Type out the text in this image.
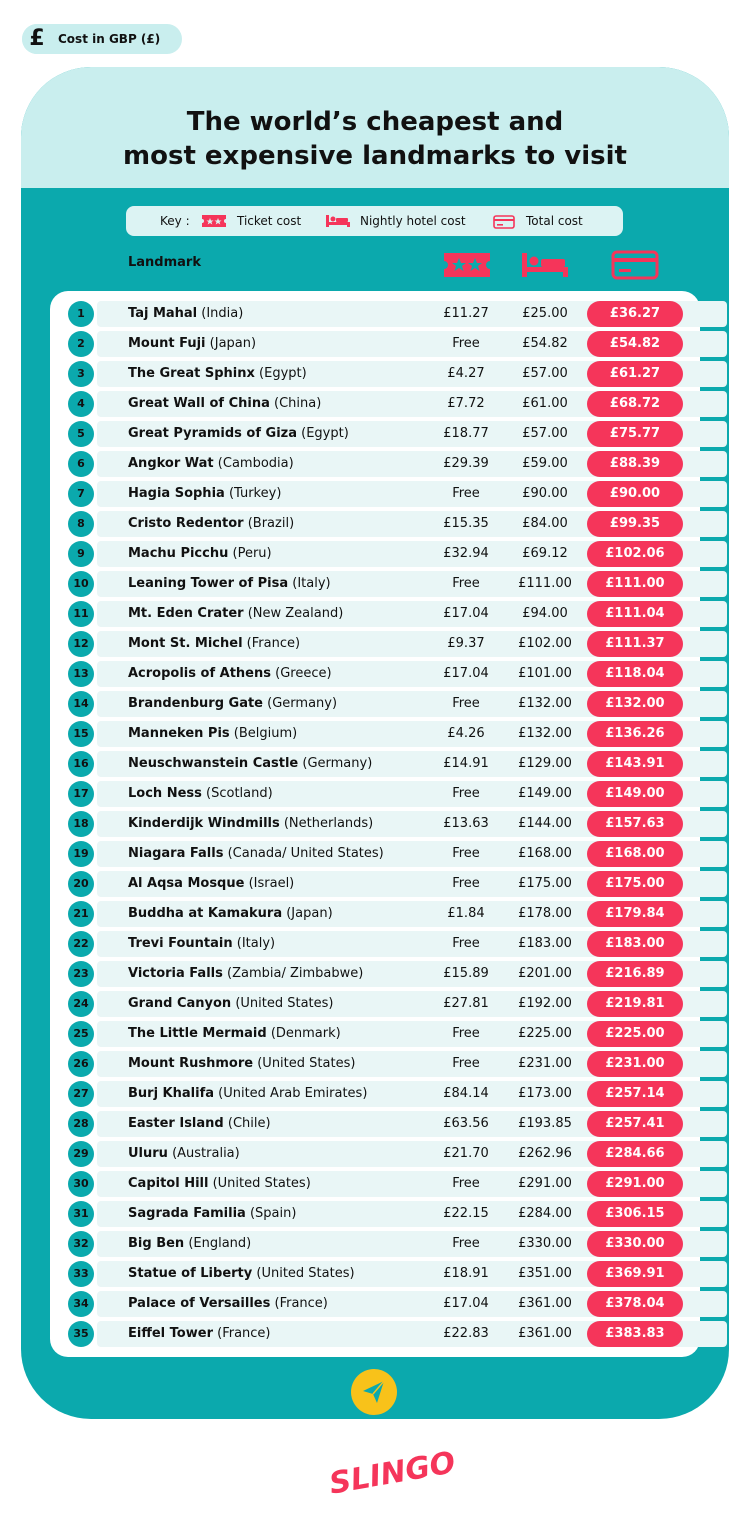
£	Cost in GBP (£)
The world’s cheapest and
most expensive landmarks to visit
Key :	Ticket cost	Nightly hotel cost	Total cost
Landmark
1	Taj Mahal (India)	£11.27	£25.00	£36.27
2	Mount Fuji (Japan)	Free	£54.82	£54.82
3	The Great Sphinx (Egypt)	£4.27	£57.00	£61.27
4	Great Wall of China (China)	£7.72	£61.00	£68.72
5	Great Pyramids of Giza (Egypt)	£18.77	£57.00	£75.77
6	Angkor Wat (Cambodia)	£29.39	£59.00	£88.39
7	Hagia Sophia (Turkey)	Free	£90.00	£90.00
8	Cristo Redentor (Brazil)	£15.35	£84.00	£99.35
9	Machu Picchu (Peru)	£32.94	£69.12	£102.06
10	Leaning Tower of Pisa (Italy)	Free	£111.00	£111.00
11	Mt. Eden Crater (New Zealand)	£17.04	£94.00	£111.04
12	Mont St. Michel (France)	£9.37	£102.00	£111.37
13	Acropolis of Athens (Greece)	£17.04	£101.00	£118.04
14	Brandenburg Gate (Germany)	Free	£132.00	£132.00
15	Manneken Pis (Belgium)	£4.26	£132.00	£136.26
16	Neuschwanstein Castle (Germany)	£14.91	£129.00	£143.91
17	Loch Ness (Scotland)	Free	£149.00	£149.00
18	Kinderdijk Windmills (Netherlands)	£13.63	£144.00	£157.63
19	Niagara Falls (Canada/ United States)	Free	£168.00	£168.00
20	Al Aqsa Mosque (Israel)	Free	£175.00	£175.00
21	Buddha at Kamakura (Japan)	£1.84	£178.00	£179.84
22	Trevi Fountain (Italy)	Free	£183.00	£183.00
23	Victoria Falls (Zambia/ Zimbabwe)	£15.89	£201.00	£216.89
24	Grand Canyon (United States)	£27.81	£192.00	£219.81
25	The Little Mermaid (Denmark)	Free	£225.00	£225.00
26	Mount Rushmore (United States)	Free	£231.00	£231.00
27	Burj Khalifa (United Arab Emirates)	£84.14	£173.00	£257.14
28	Easter Island (Chile)	£63.56	£193.85	£257.41
29	Uluru (Australia)	£21.70	£262.96	£284.66
30	Capitol Hill (United States)	Free	£291.00	£291.00
31	Sagrada Familia (Spain)	£22.15	£284.00	£306.15
32	Big Ben (England)	Free	£330.00	£330.00
33	Statue of Liberty (United States)	£18.91	£351.00	£369.91
34	Palace of Versailles (France)	£17.04	£361.00	£378.04
35	Eiffel Tower (France)	£22.83	£361.00	£383.83
SLINGO
